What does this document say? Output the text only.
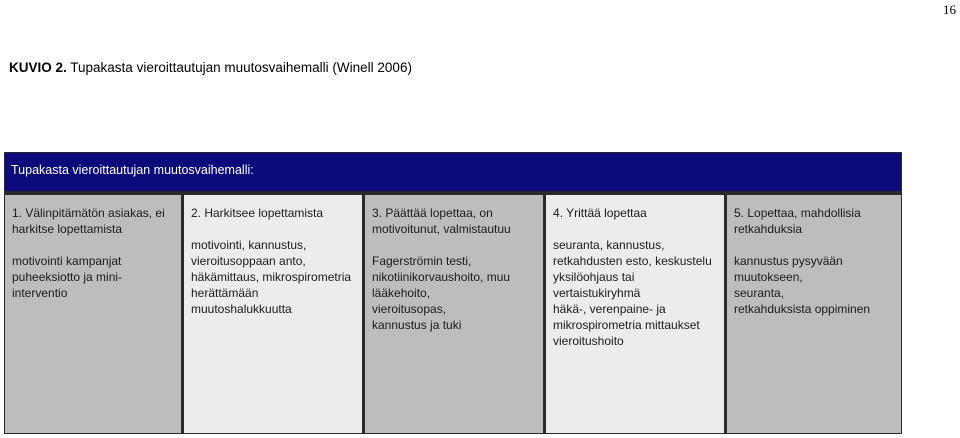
16
KUVIO 2. Tupakasta vieroittautujan muutosvaihemalli (Winell 2006)
Tupakasta vieroittautujan muutosvaihemalli:
1. Välinpitämätön asiakas, ei harkitse lopettamista
motivointi kampanjat
puheeksiotto ja mini-
interventio
2. Harkitsee lopettamista
motivointi, kannustus,
vieroitusoppaan anto,
häkämittaus, mikrospirometria
herättämään
muutoshalukkuutta
3. Päättää lopettaa, on motivoitunut, valmistautuu
Fagerströmin testi,
nikotiinikorvaushoito, muu
lääkehoito,
vieroitusopas,
kannustus ja tuki
4. Yrittää lopettaa
seuranta, kannustus,
retkahdusten esto, keskustelu
yksilöohjaus tai
vertaistukiryhmä
häkä-, verenpaine- ja
mikrospirometria mittaukset
vieroitushoito
5. Lopettaa, mahdollisia retkahduksia
kannustus pysyvään
muutokseen,
seuranta,
retkahduksista oppiminen
